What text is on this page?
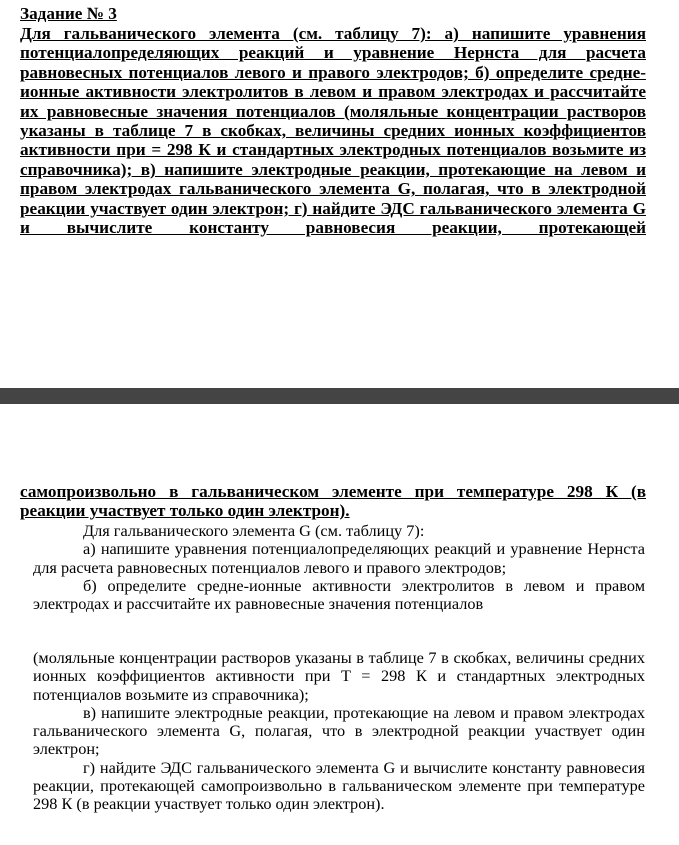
Задание № 3
Для гальванического элемента (см. таблицу 7): а) напишите уравнения потенциалопределяющих реакций и уравнение Нернста для расчета равновесных потенциалов левого и правого электродов; б) определите средне-ионные активности электролитов в левом и правом электродах и рассчитайте их равновесные значения потенциалов (моляльные концентрации растворов указаны в таблице 7 в скобках, величины средних ионных коэффициентов активности при = 298 К и стандартных электродных потенциалов возьмите из справочника); в) напишите электродные реакции, протекающие на левом и правом электродах гальванического элемента G, полагая, что в электродной реакции участвует один электрон; г) найдите ЭДС гальванического элемента G и вычислите константу равновесия реакции, протекающей
самопроизвольно в гальваническом элементе при температуре 298 К (в реакции участвует только один электрон).

Для гальванического элемента G (см. таблицу 7):

а) напишите уравнения потенциалопределяющих реакций и уравнение Нернста для расчета равновесных потенциалов левого и правого электродов;

б) определите средне-ионные активности электролитов в левом и правом электродах и рассчитайте их равновесные значения потенциалов

(моляльные концентрации растворов указаны в таблице 7 в скобках, величины средних ионных коэффициентов активности при T = 298 К и стандартных электродных потенциалов возьмите из справочника);

в) напишите электродные реакции, протекающие на левом и правом электродах гальванического элемента G, полагая, что в электродной реакции участвует один электрон;

г) найдите ЭДС гальванического элемента G и вычислите константу равновесия реакции, протекающей самопроизвольно в гальваническом элементе при температуре 298 К (в реакции участвует только один электрон).
